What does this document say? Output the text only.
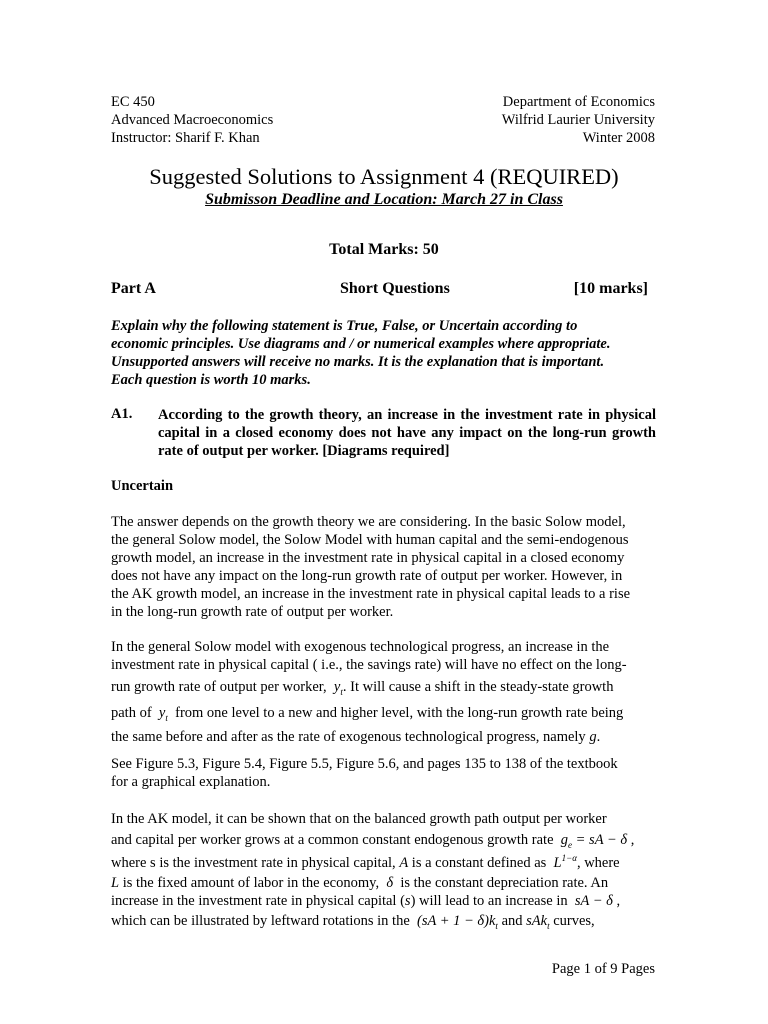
EC 450
Advanced Macroeconomics
Instructor: Sharif F. Khan
Department of Economics
Wilfrid Laurier University
Winter 2008
Suggested Solutions to Assignment 4 (REQUIRED)
Submisson Deadline and Location: March 27 in Class
Total Marks: 50
Part A	Short Questions	[10 marks]
Explain why the following statement is True, False, or Uncertain according to
economic principles. Use diagrams and / or numerical examples where appropriate.
Unsupported answers will receive no marks. It is the explanation that is important.
Each question is worth 10 marks.
A1. According to the growth theory, an increase in the investment rate in physical capital in a closed economy does not have any impact on the long-run growth rate of output per worker. [Diagrams required]
Uncertain
The answer depends on the growth theory we are considering. In the basic Solow model,
the general Solow model, the Solow Model with human capital and the semi-endogenous
growth model, an increase in the investment rate in physical capital in a closed economy
does not have any impact on the long-run growth rate of output per worker. However, in
the AK growth model, an increase in the investment rate in physical capital leads to a rise
in the long-run growth rate of output per worker.
In the general Solow model with exogenous technological progress, an increase in the
investment rate in physical capital ( i.e., the savings rate) will have no effect on the long-
run growth rate of output per worker, $y_t$. It will cause a shift in the steady-state growth
path of $y_t$ from one level to a new and higher level, with the long-run growth rate being
the same before and after as the rate of exogenous technological progress, namely g.
See Figure 5.3, Figure 5.4, Figure 5.5, Figure 5.6, and pages 135 to 138 of the textbook
for a graphical explanation.
In the AK model, it can be shown that on the balanced growth path output per worker
and capital per worker grows at a common constant endogenous growth rate $g_e$ = sA − δ ,
where s is the investment rate in physical capital, A is a constant defined as $L^{1-\alpha}$, where
L is the fixed amount of labor in the economy, δ is the constant depreciation rate. An
increase in the investment rate in physical capital (s) will lead to an increase in sA − δ ,
which can be illustrated by leftward rotations in the $(sA + 1 - \delta)k_t$ and sAk$_t$ curves,
Page 1 of 9 Pages
